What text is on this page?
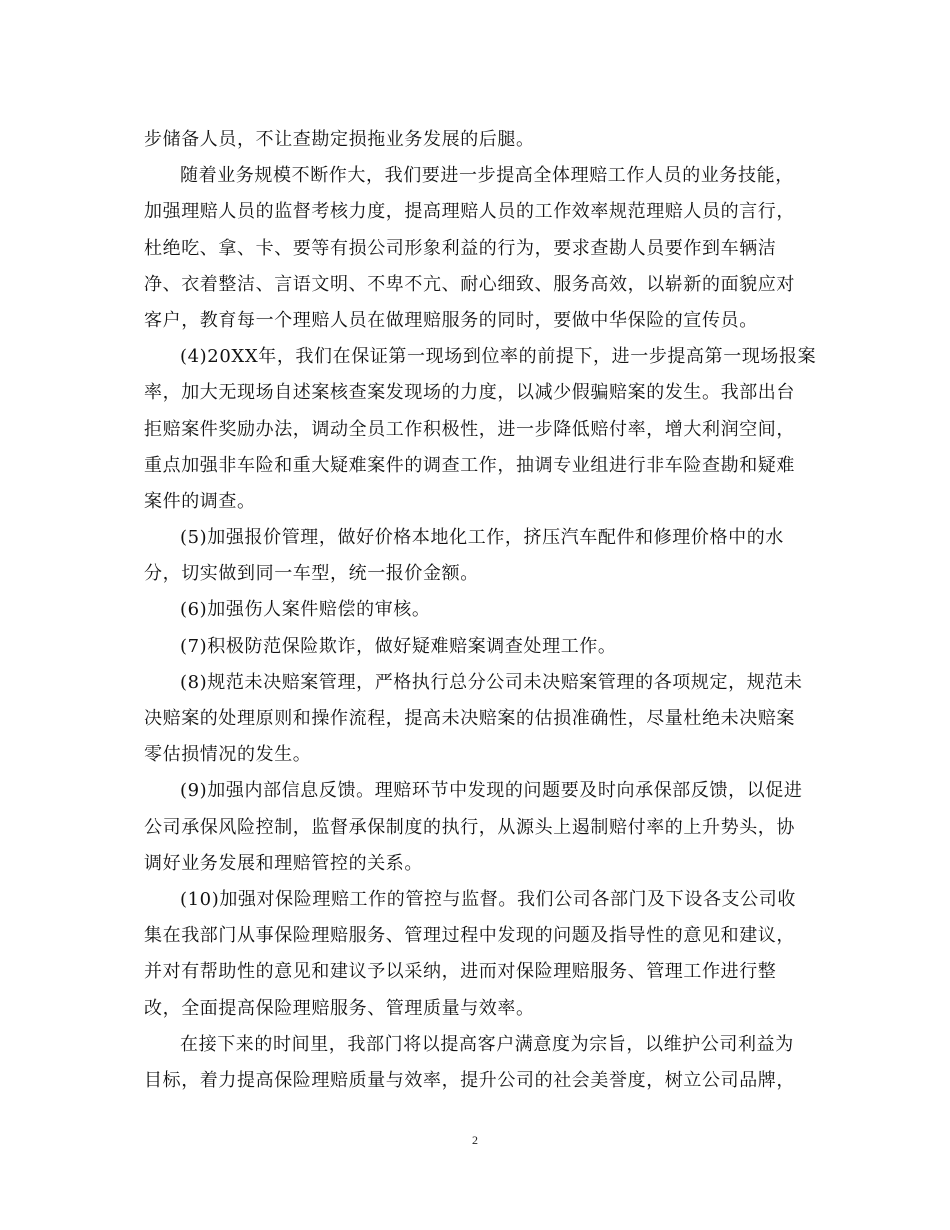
步储备人员，不让查勘定损拖业务发展的后腿。
随着业务规模不断作大，我们要进一步提高全体理赔工作人员的业务技能，
加强理赔人员的监督考核力度，提高理赔人员的工作效率规范理赔人员的言行，
杜绝吃、拿、卡、要等有损公司形象利益的行为，要求查勘人员要作到车辆洁
净、衣着整洁、言语文明、不卑不亢、耐心细致、服务高效，以崭新的面貌应对
客户，教育每一个理赔人员在做理赔服务的同时，要做中华保险的宣传员。
(4)20XX年，我们在保证第一现场到位率的前提下，进一步提高第一现场报案
率，加大无现场自述案核查案发现场的力度，以减少假骗赔案的发生。我部出台
拒赔案件奖励办法，调动全员工作积极性，进一步降低赔付率，增大利润空间，
重点加强非车险和重大疑难案件的调查工作，抽调专业组进行非车险查勘和疑难
案件的调查。
(5)加强报价管理，做好价格本地化工作，挤压汽车配件和修理价格中的水
分，切实做到同一车型，统一报价金额。
(6)加强伤人案件赔偿的审核。
(7)积极防范保险欺诈，做好疑难赔案调查处理工作。
(8)规范未决赔案管理，严格执行总分公司未决赔案管理的各项规定，规范未
决赔案的处理原则和操作流程，提高未决赔案的估损准确性，尽量杜绝未决赔案
零估损情况的发生。
(9)加强内部信息反馈。理赔环节中发现的问题要及时向承保部反馈，以促进
公司承保风险控制，监督承保制度的执行，从源头上遏制赔付率的上升势头，协
调好业务发展和理赔管控的关系。
(10)加强对保险理赔工作的管控与监督。我们公司各部门及下设各支公司收
集在我部门从事保险理赔服务、管理过程中发现的问题及指导性的意见和建议，
并对有帮助性的意见和建议予以采纳，进而对保险理赔服务、管理工作进行整
改，全面提高保险理赔服务、管理质量与效率。
在接下来的时间里，我部门将以提高客户满意度为宗旨，以维护公司利益为
目标，着力提高保险理赔质量与效率，提升公司的社会美誉度，树立公司品牌，
2
